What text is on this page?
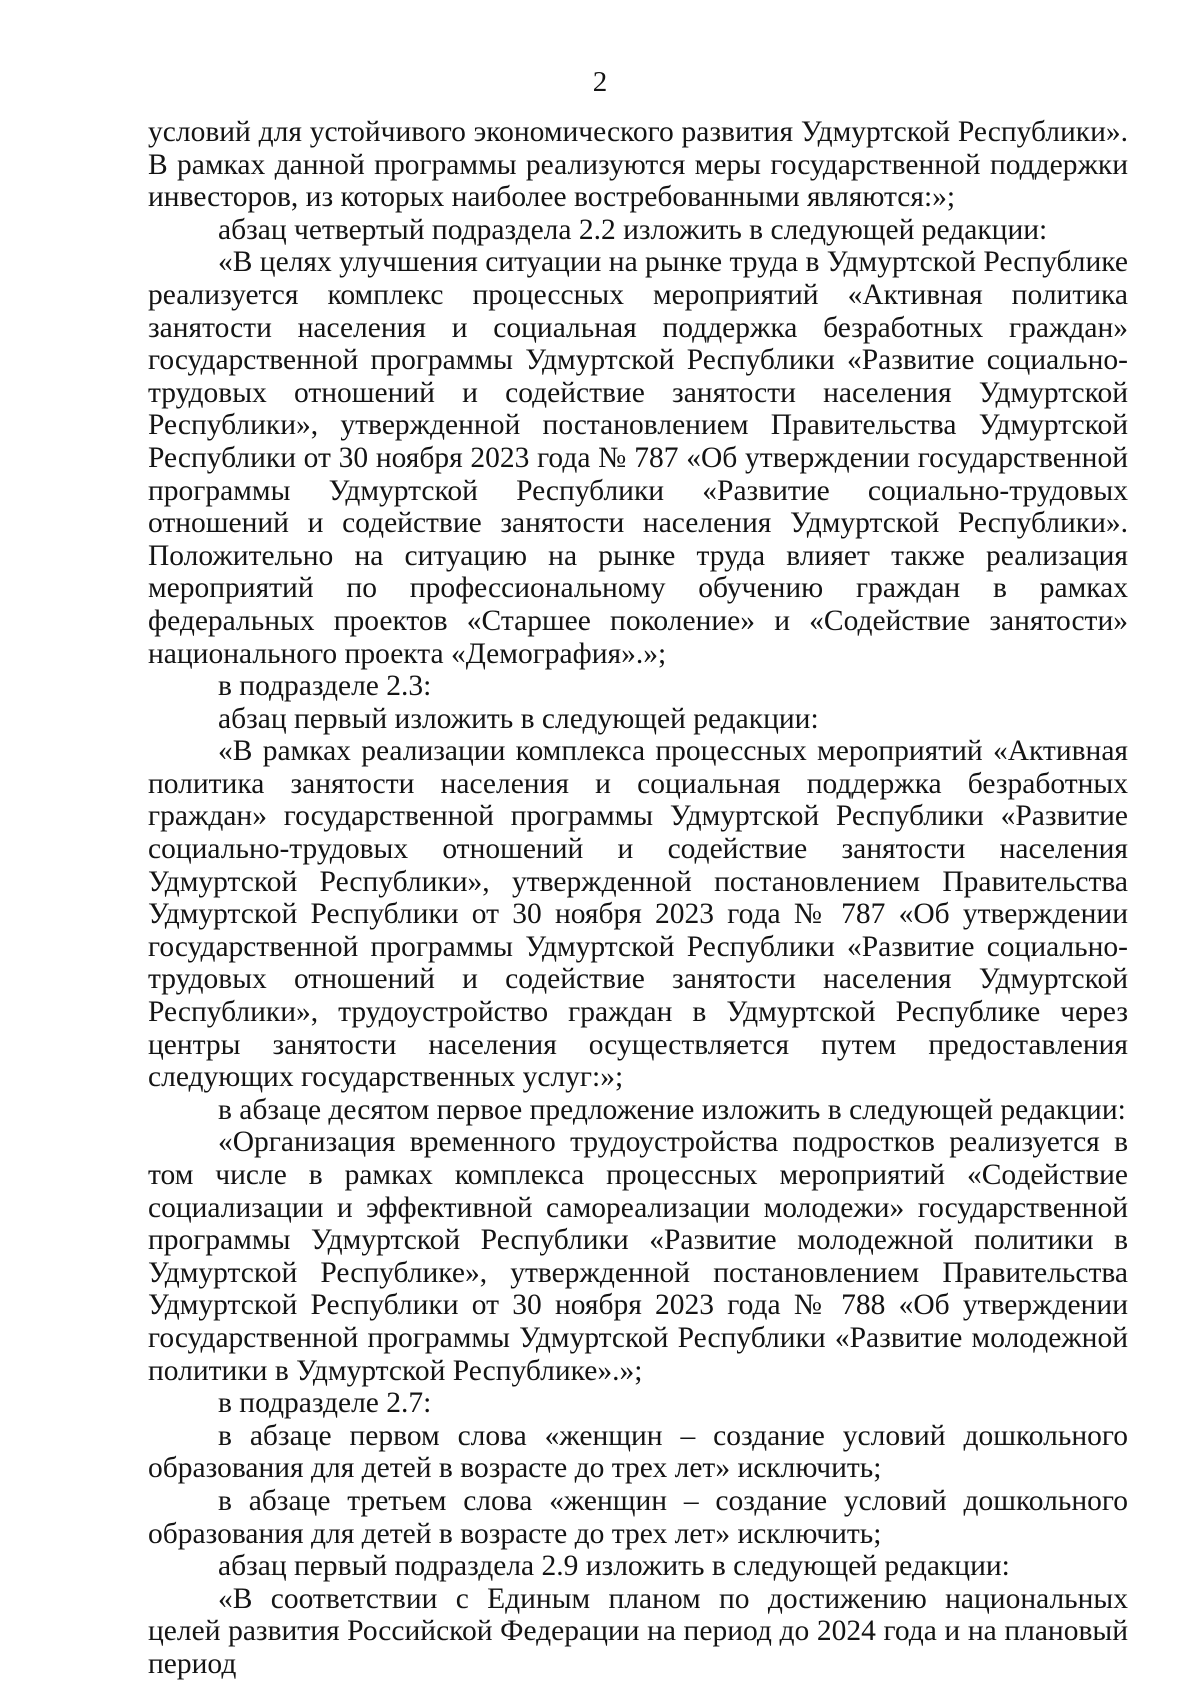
2

условий для устойчивого экономического развития Удмуртской Республики». В рамках данной программы реализуются меры государственной поддержки инвесторов, из которых наиболее востребованными являются:»;

абзац четвертый подраздела 2.2 изложить в следующей редакции:

«В целях улучшения ситуации на рынке труда в Удмуртской Республике реализуется комплекс процессных мероприятий «Активная политика занятости населения и социальная поддержка безработных граждан» государственной программы Удмуртской Республики «Развитие социально-трудовых отношений и содействие занятости населения Удмуртской Республики», утвержденной постановлением Правительства Удмуртской Республики от 30 ноября 2023 года № 787 «Об утверждении государственной программы Удмуртской Республики «Развитие социально-трудовых отношений и содействие занятости населения Удмуртской Республики». Положительно на ситуацию на рынке труда влияет также реализация мероприятий по профессиональному обучению граждан в рамках федеральных проектов «Старшее поколение» и «Содействие занятости» национального проекта «Демография».»;

в подразделе 2.3:

абзац первый изложить в следующей редакции:

«В рамках реализации комплекса процессных мероприятий «Активная политика занятости населения и социальная поддержка безработных граждан» государственной программы Удмуртской Республики «Развитие социально-трудовых отношений и содействие занятости населения Удмуртской Республики», утвержденной постановлением Правительства Удмуртской Республики от 30 ноября 2023 года № 787 «Об утверждении государственной программы Удмуртской Республики «Развитие социально-трудовых отношений и содействие занятости населения Удмуртской Республики», трудоустройство граждан в Удмуртской Республике через центры занятости населения осуществляется путем предоставления следующих государственных услуг:»;

в абзаце десятом первое предложение изложить в следующей редакции:

«Организация временного трудоустройства подростков реализуется в том числе в рамках комплекса процессных мероприятий «Содействие социализации и эффективной самореализации молодежи» государственной программы Удмуртской Республики «Развитие молодежной политики в Удмуртской Республике», утвержденной постановлением Правительства Удмуртской Республики от 30 ноября 2023 года № 788 «Об утверждении государственной программы Удмуртской Республики «Развитие молодежной политики в Удмуртской Республике».»;

в подразделе 2.7:

в абзаце первом слова «женщин – создание условий дошкольного образования для детей в возрасте до трех лет» исключить;

в абзаце третьем слова «женщин – создание условий дошкольного образования для детей в возрасте до трех лет» исключить;

абзац первый подраздела 2.9 изложить в следующей редакции:

«В соответствии с Единым планом по достижению национальных целей развития Российской Федерации на период до 2024 года и на плановый период
